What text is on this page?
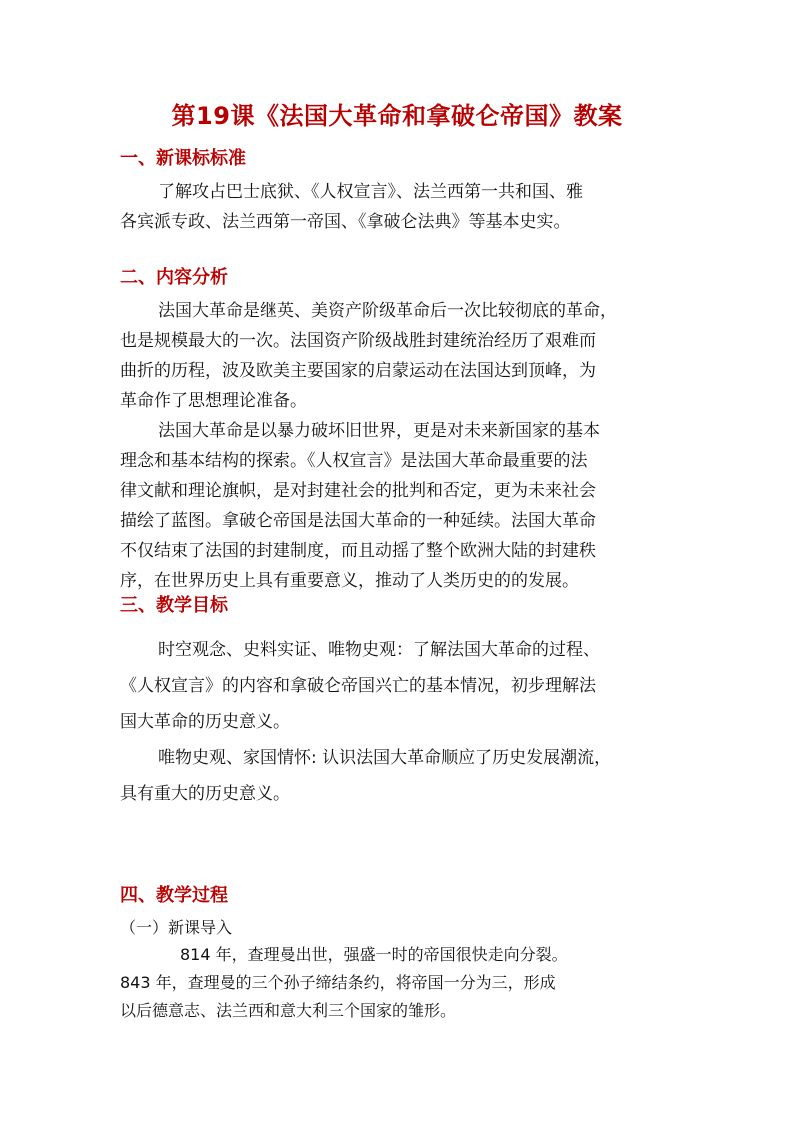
第19课《法国大革命和拿破仑帝国》教案
一、新课标标准
了解攻占巴士底狱、《人权宣言》、法兰西第一共和国、雅
各宾派专政、法兰西第一帝国、《拿破仑法典》等基本史实。
二、内容分析
法国大革命是继英、美资产阶级革命后一次比较彻底的革命，
也是规模最大的一次。法国资产阶级战胜封建统治经历了艰难而
曲折的历程，波及欧美主要国家的启蒙运动在法国达到顶峰，为
革命作了思想理论准备。
法国大革命是以暴力破坏旧世界，更是对未来新国家的基本
理念和基本结构的探索。《人权宣言》是法国大革命最重要的法
律文献和理论旗帜，是对封建社会的批判和否定，更为未来社会
描绘了蓝图。拿破仑帝国是法国大革命的一种延续。法国大革命
不仅结束了法国的封建制度，而且动摇了整个欧洲大陆的封建秩
序，在世界历史上具有重要意义，推动了人类历史的的发展。
三、教学目标
时空观念、史料实证、唯物史观：了解法国大革命的过程、
《人权宣言》的内容和拿破仑帝国兴亡的基本情况，初步理解法
国大革命的历史意义。
唯物史观、家国情怀: 认识法国大革命顺应了历史发展潮流，
具有重大的历史意义。
四、教学过程
（一）新课导入
814 年，查理曼出世，强盛一时的帝国很快走向分裂。
843 年，查理曼的三个孙子缔结条约，将帝国一分为三，形成
以后德意志、法兰西和意大利三个国家的雏形。
